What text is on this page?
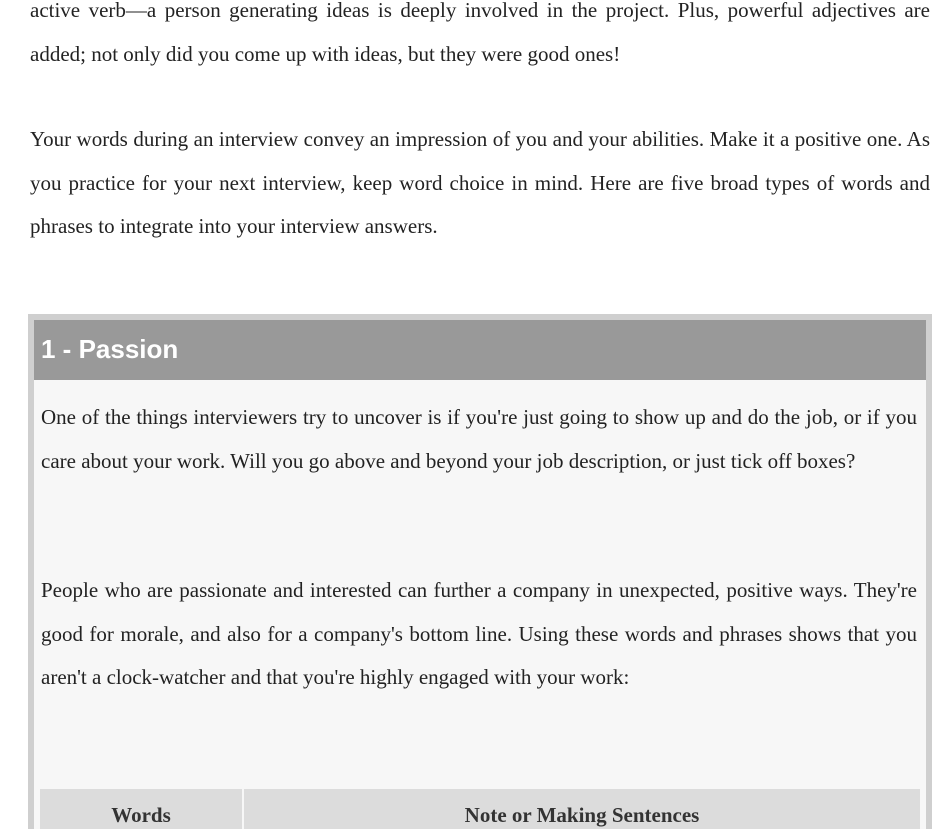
active verb—a person generating ideas is deeply involved in the project. Plus, powerful adjectives are added; not only did you come up with ideas, but they were good ones!

Your words during an interview convey an impression of you and your abilities. Make it a positive one. As you practice for your next interview, keep word choice in mind. Here are five broad types of words and phrases to integrate into your interview answers.

1 - Passion

One of the things interviewers try to uncover is if you're just going to show up and do the job, or if you care about your work. Will you go above and beyond your job description, or just tick off boxes?

People who are passionate and interested can further a company in unexpected, positive ways. They're good for morale, and also for a company's bottom line. Using these words and phrases shows that you aren't a clock-watcher and that you're highly engaged with your work:

Words	Note or Making Sentences
